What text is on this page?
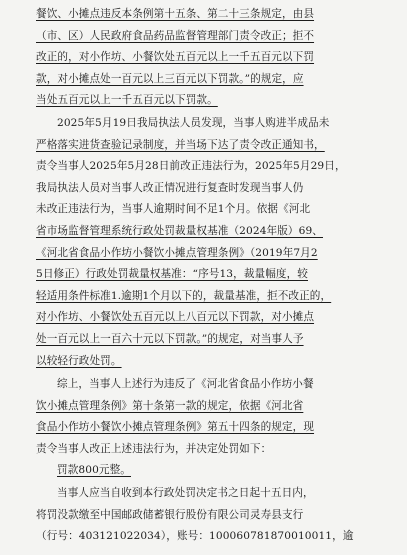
餐饮、小摊点违反本条例第十五条、第二十三条规定，由县
（市、区）人民政府食品药品监督管理部门责令改正；拒不
改正的，对小作坊、小餐饮处五百元以上一千五百元以下罚
款，对小摊点处一百元以上三百元以下罚款。”的规定，应
当处五百元以上一千五百元以下罚款。
2025年5月19日我局执法人员发现，当事人购进半成品未
严格落实进货查验记录制度，并当场下达了责令改正通知书，
责令当事人2025年5月28日前改正违法行为，2025年5月29日，
我局执法人员对当事人改正情况进行复查时发现当事人仍
未改正违法行为，当事人逾期时间不足1个月。依据《河北
省市场监督管理系统行政处罚裁量权基准（2024年版）69、
《河北省食品小作坊小餐饮小摊点管理条例》（2019年7月2
5日修正）行政处罚裁量权基准：“序号13，裁量幅度，较
轻适用条件标准1.逾期1个月以下的，裁量基准，拒不改正的，
对小作坊、小餐饮处五百元以上八百元以下罚款，对小摊点
处一百元以上一百六十元以下罚款。”的规定，对当事人予
以较轻行政处罚。
综上，当事人上述行为违反了《河北省食品小作坊小餐
饮小摊点管理条例》第十条第一款的规定，依据《河北省
食品小作坊小餐饮小摊点管理条例》第五十四条的规定，现
责令当事人改正上述违法行为，并决定处罚如下：
罚款800元整。
当事人应当自收到本行政处罚决定书之日起十五日内，
将罚没款缴至中国邮政储蓄银行股份有限公司灵寿县支行
（行号：403121022034），账号：100060781870010011，逾
